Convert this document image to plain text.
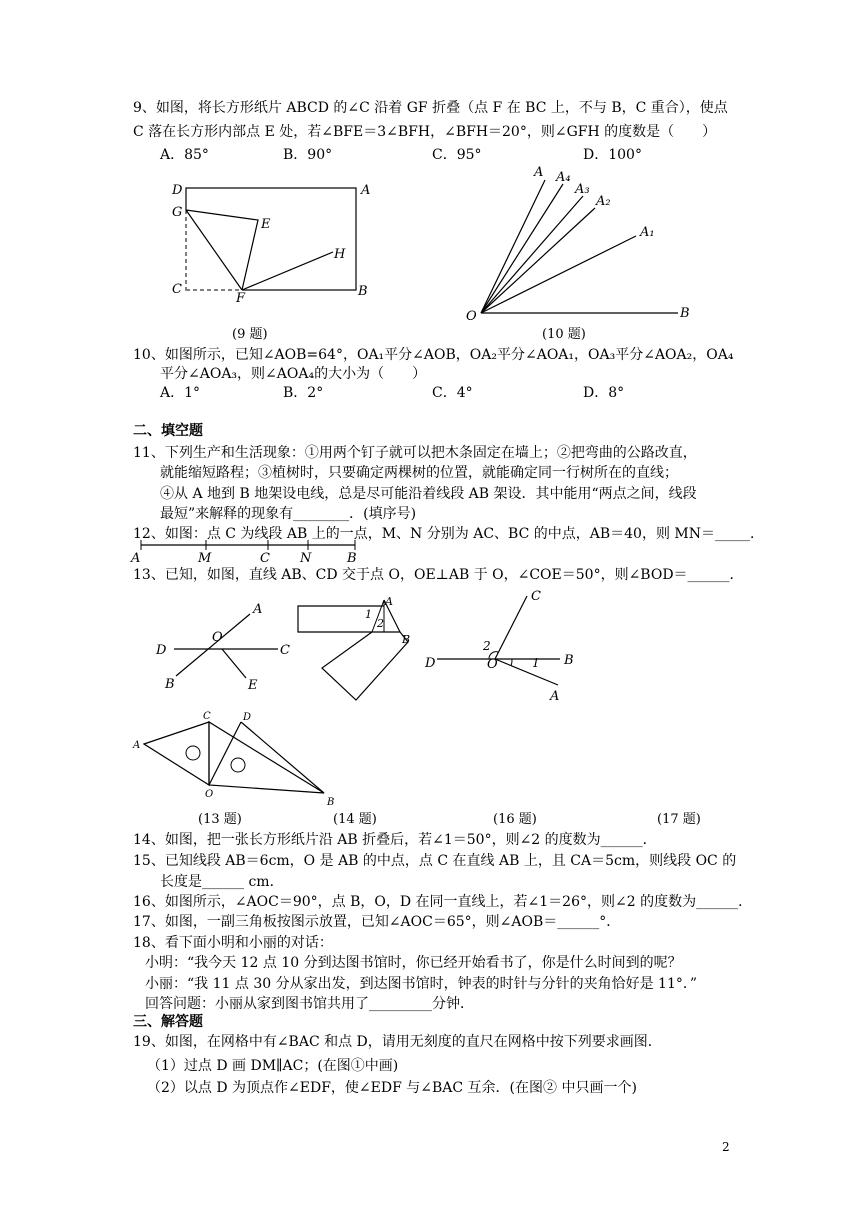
9、如图，将长方形纸片 ABCD 的∠C 沿着 GF 折叠（点 F 在 BC 上，不与 B，C 重合），使点
C 落在长方形内部点 E 处，若∠BFE＝3∠BFH，∠BFH＝20°，则∠GFH 的度数是（　　）
A．85°	B．90°	C．95°	D．100°
D	A
G
E
H
C
F	B
A A₄
A₃
A₂
A₁
O	B
(9 题)	(10 题)
10、如图所示，已知∠AOB=64°，OA₁平分∠AOB，OA₂平分∠AOA₁，OA₃平分∠AOA₂，OA₄
平分∠AOA₃，则∠AOA₄的大小为（　　）
A．1°	B．2°	C．4°	D．8°
二、填空题
11、下列生产和生活现象：①用两个钉子就可以把木条固定在墙上；②把弯曲的公路改直，
就能缩短路程；③植树时，只要确定两棵树的位置，就能确定同一行树所在的直线；
④从 A 地到 B 地架设电线，总是尽可能沿着线段 AB 架设．其中能用“两点之间，线段
最短”来解释的现象有________．(填序号)
12、如图：点 C 为线段 AB 上的一点，M、N 分别为 AC、BC 的中点，AB＝40，则 MN＝_____．
A	M	C N	B
13、已知，如图，直线 AB、CD 交于点 O，OE⊥AB 于 O，∠COE＝50°，则∠BOD＝______．
A
D
O
C
B	E
A
1
2
B
C
2
D	O	1 B
A
C	D
A
O
B
(13 题)	(14 题)	(16 题)	(17 题)
14、如图，把一张长方形纸片沿 AB 折叠后，若∠1＝50°，则∠2 的度数为______．
15、已知线段 AB＝6cm，O 是 AB 的中点，点 C 在直线 AB 上，且 CA＝5cm，则线段 OC 的
长度是______ cm．
16、如图所示，∠AOC＝90°，点 B，O，D 在同一直线上，若∠1＝26°，则∠2 的度数为______．
17、如图，一副三角板按图示放置，已知∠AOC＝65°，则∠AOB＝______°．
18、看下面小明和小丽的对话：
小明：“我今天 12 点 10 分到达图书馆时，你已经开始看书了，你是什么时间到的呢？
小丽：“我 11 点 30 分从家出发，到达图书馆时，钟表的时针与分针的夹角恰好是 11°．”
回答问题：小丽从家到图书馆共用了_________分钟．
三、解答题
19、如图，在网格中有∠BAC 和点 D，请用无刻度的直尺在网格中按下列要求画图．
（1）过点 D 画 DM∥AC；(在图①中画)
（2）以点 D 为顶点作∠EDF，使∠EDF 与∠BAC 互余．(在图② 中只画一个)
2
